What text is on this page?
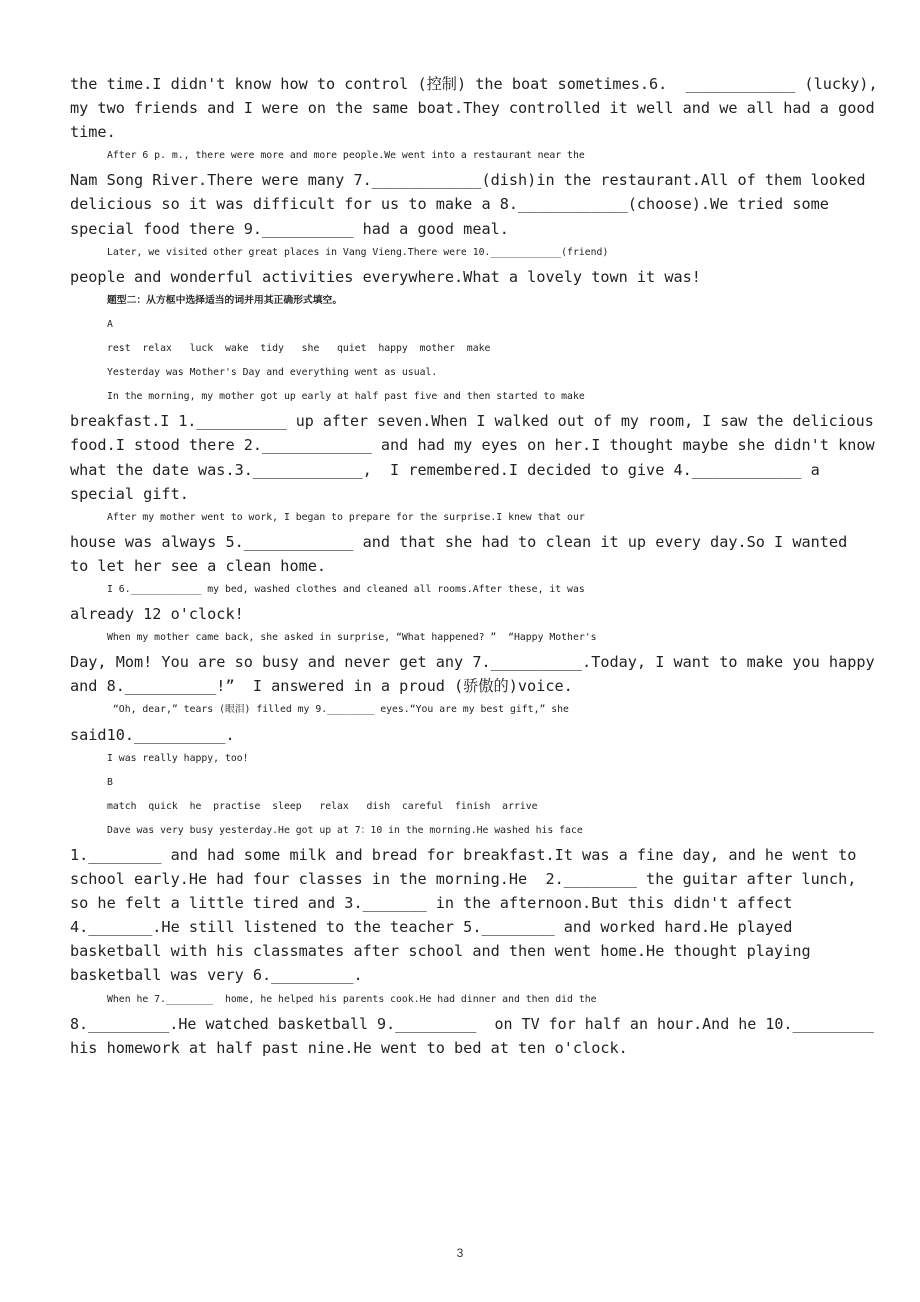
the time.I didn't know how to control (控制) the boat sometimes.6.  ____________ (lucky),
my two friends and I were on the same boat.They controlled it well and we all had a good
time.
After 6 p. m., there were more and more people.We went into a restaurant near the
Nam Song River.There were many 7.____________(dish)in the restaurant.All of them looked
delicious so it was difficult for us to make a 8.____________(choose).We tried some
special food there 9.__________ had a good meal.
Later, we visited other great places in Vang Vieng.There were 10.____________(friend)
people and wonderful activities everywhere.What a lovely town it was!
题型二：从方框中选择适当的词并用其正确形式填空。
A
rest  relax   luck  wake  tidy   she   quiet  happy  mother  make
Yesterday was Mother's Day and everything went as usual.
In the morning, my mother got up early at half past five and then started to make
breakfast.I 1.__________ up after seven.When I walked out of my room, I saw the delicious
food.I stood there 2.____________ and had my eyes on her.I thought maybe she didn't know
what the date was.3.____________,  I remembered.I decided to give 4.____________ a
special gift.
After my mother went to work, I began to prepare for the surprise.I knew that our
house was always 5.____________ and that she had to clean it up every day.So I wanted
to let her see a clean home.
I 6.____________ my bed, washed clothes and cleaned all rooms.After these, it was
already 12 o'clock!
When my mother came back, she asked in surprise, “What happened? ”  “Happy Mother's
Day, Mom! You are so busy and never get any 7.__________.Today, I want to make you happy
and 8.__________!”  I answered in a proud (骄傲的)voice.
“Oh, dear,” tears (眼泪) filled my 9.________ eyes.“You are my best gift,” she
said10.__________.
I was really happy, too!
B
match  quick  he  practise  sleep   relax   dish  careful  finish  arrive
Dave was very busy yesterday.He got up at 7：10 in the morning.He washed his face
1.________ and had some milk and bread for breakfast.It was a fine day, and he went to
school early.He had four classes in the morning.He  2.________ the guitar after lunch,
so he felt a little tired and 3._______ in the afternoon.But this didn't affect
4._______.He still listened to the teacher 5.________ and worked hard.He played
basketball with his classmates after school and then went home.He thought playing
basketball was very 6._________.
When he 7.________  home, he helped his parents cook.He had dinner and then did the
8._________.He watched basketball 9._________  on TV for half an hour.And he 10._________
his homework at half past nine.He went to bed at ten o'clock.
3
